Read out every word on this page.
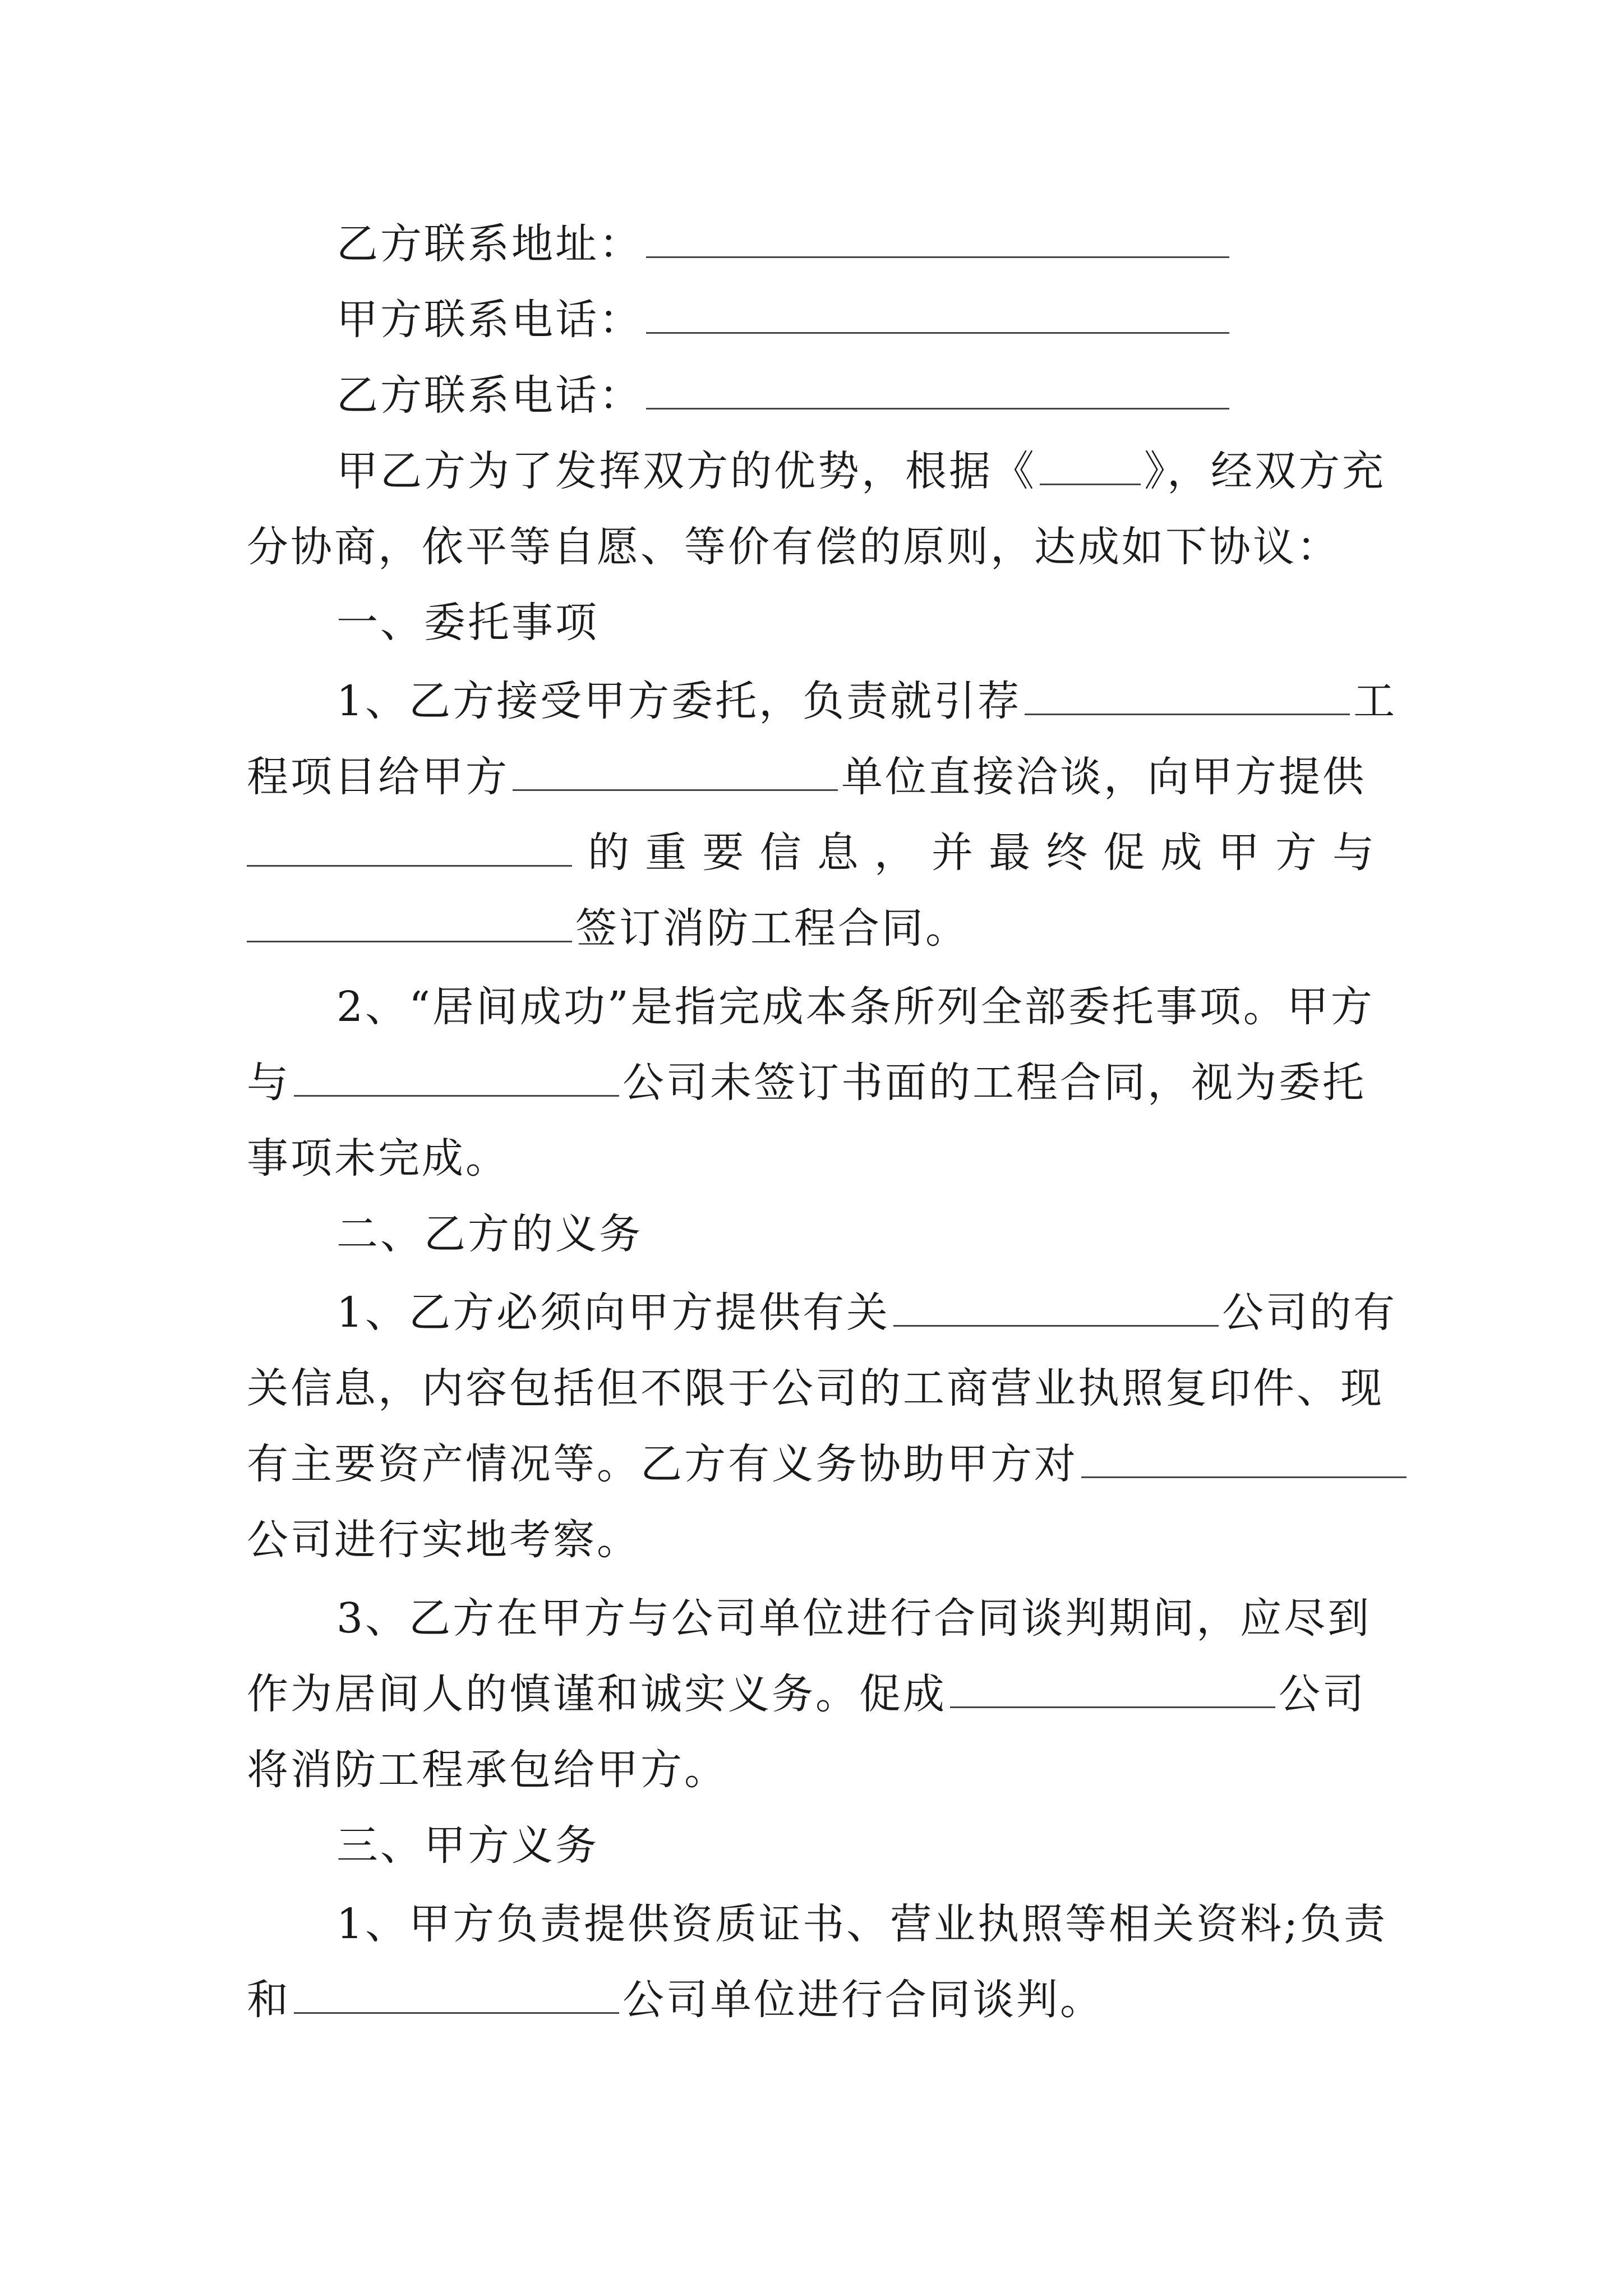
乙方联系地址：
甲方联系电话：
乙方联系电话：
甲乙方为了发挥双方的优势，根据《	》，经双方充
分协商，依平等自愿、等价有偿的原则，达成如下协议：
一、委托事项
1、乙方接受甲方委托，负责就引荐	工
程项目给甲方	单位直接洽谈，向甲方提供
的 重 要 信 息 ， 并 最 终 促 成 甲 方 与
签订消防工程合同。
2、“居间成功”是指完成本条所列全部委托事项。甲方
与	公司未签订书面的工程合同，视为委托
事项未完成。
二、乙方的义务
1、乙方必须向甲方提供有关	公司的有
关信息，内容包括但不限于公司的工商营业执照复印件、现
有主要资产情况等。乙方有义务协助甲方对
公司进行实地考察。
3、乙方在甲方与公司单位进行合同谈判期间，应尽到
作为居间人的慎谨和诚实义务。促成	公司
将消防工程承包给甲方。
三、甲方义务
1、甲方负责提供资质证书、营业执照等相关资料;负责
和	公司单位进行合同谈判。
